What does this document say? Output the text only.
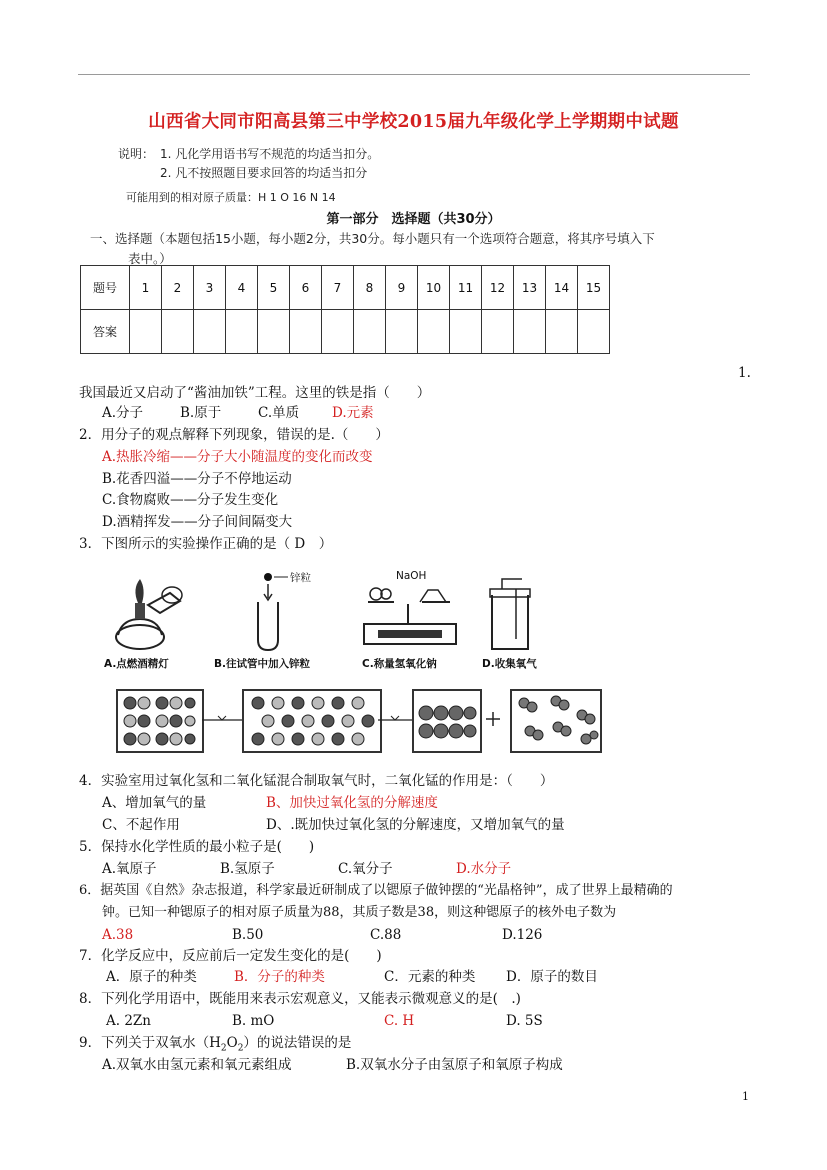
山西省大同市阳高县第三中学校2015届九年级化学上学期期中试题
说明： 1. 凡化学用语书写不规范的均适当扣分。
2. 凡不按照题目要求回答的均适当扣分
可能用到的相对原子质量：H 1 O 16 N 14
第一部分　选择题（共30分）
一、选择题（本题包括15小题，每小题2分，共30分。每小题只有一个选项符合题意，将其序号填入下
表中。）
题号	1	2	3	4	5	6	7	8	9	10	11	12	13	14	15
答案															
1.
我国最近又启动了“酱油加铁”工程。这里的铁是指（　　）
A.分子	B.原于	C.单质 D.元素
2．用分子的观点解释下列现象，错误的是.（　　）
A.热胀冷缩——分子大小随温度的变化而改变
B.花香四溢——分子不停地运动
C.食物腐败——分子发生变化
D.酒精挥发——分子间间隔变大
3．下图所示的实验操作正确的是（ D　）
A.点燃酒精灯
锌粒
B.往试管中加入锌粒
NaOH
C.称量氢氧化钠	D.收集氧气
4．实验室用过氧化氢和二氧化锰混合制取氧气时，二氧化锰的作用是：（　　）
A、增加氧气的量	B、加快过氧化氢的分解速度
C、不起作用	D、.既加快过氧化氢的分解速度，又增加氧气的量
5．保持水化学性质的最小粒子是(　　)
A.氧原子	B.氢原子	C.氧分子	D.水分子
6．据英国《自然》杂志报道，科学家最近研制成了以锶原子做钟摆的“光晶格钟”，成了世界上最精确的
钟。已知一种锶原子的相对原子质量为88，其质子数是38，则这种锶原子的核外电子数为
A.38	B.50	C.88	D.126
7．化学反应中，反应前后一定发生变化的是(　　)
A．原子的种类	B．分子的种类	C．元素的种类 D．原子的数目
8．下列化学用语中，既能用来表示宏观意义，又能表示微观意义的是(　.)
A. 2Zn	B. mO	C. H	D. 5S
9．下列关于双氧水$(H_2O_2)$的说法错误的是
A.双氧水由氢元素和氧元素组成	B.双氧水分子由氢原子和氧原子构成
1
